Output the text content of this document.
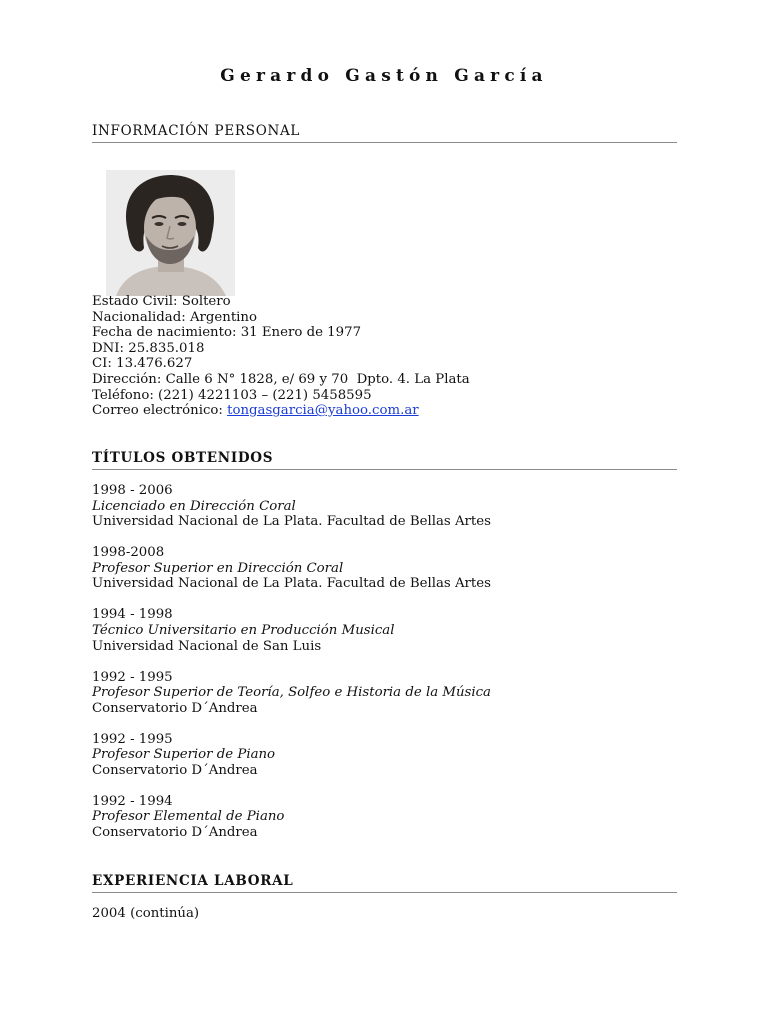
Gerardo Gastón García
INFORMACIÓN PERSONAL
Estado Civil: Soltero
Nacionalidad: Argentino
Fecha de nacimiento: 31 Enero de 1977
DNI: 25.835.018
CI: 13.476.627
Dirección: Calle 6 N° 1828, e/ 69 y 70  Dpto. 4. La Plata
Teléfono: (221) 4221103 – (221) 5458595
Correo electrónico: tongasgarcia@yahoo.com.ar
TÍTULOS OBTENIDOS
1998 - 2006
Licenciado en Dirección Coral
Universidad Nacional de La Plata. Facultad de Bellas Artes
1998-2008
Profesor Superior en Dirección Coral
Universidad Nacional de La Plata. Facultad de Bellas Artes
1994 - 1998
Técnico Universitario en Producción Musical
Universidad Nacional de San Luis
1992 - 1995
Profesor Superior de Teoría, Solfeo e Historia de la Música
Conservatorio D´Andrea
1992 - 1995
Profesor Superior de Piano
Conservatorio D´Andrea
1992 - 1994
Profesor Elemental de Piano
Conservatorio D´Andrea
EXPERIENCIA LABORAL
2004 (continúa)
